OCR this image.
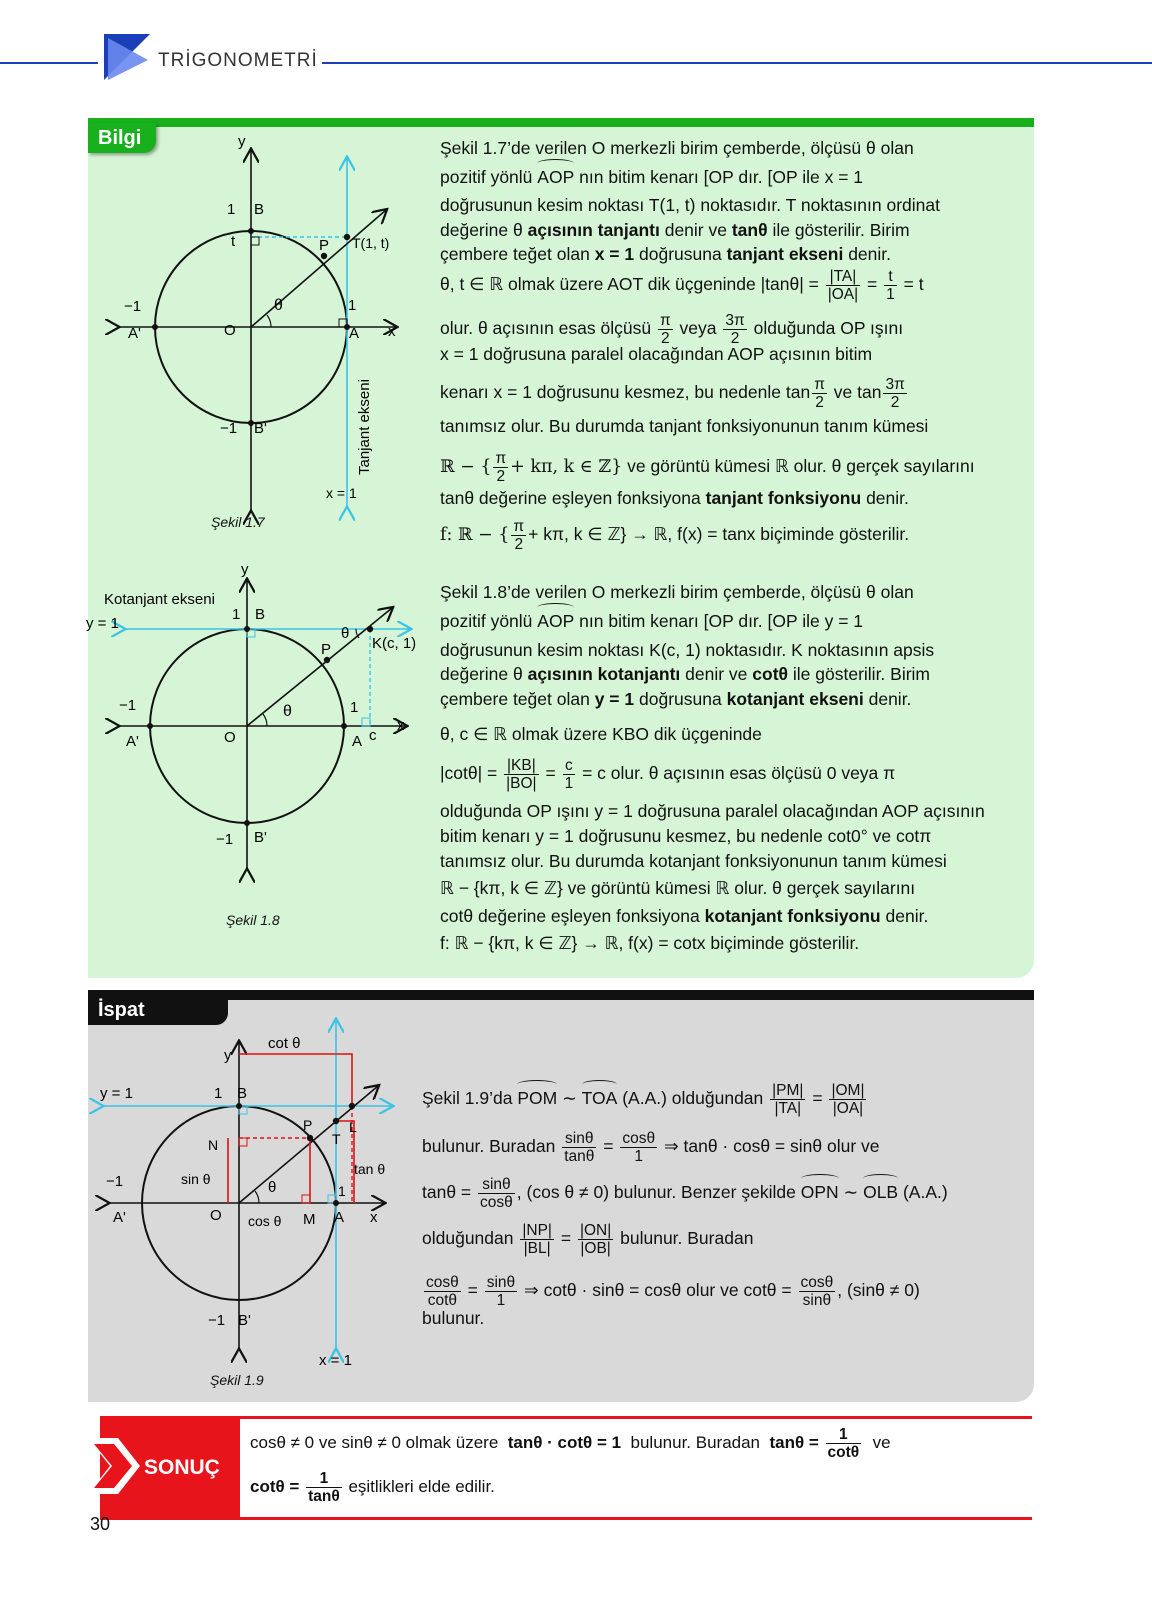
TRİGONOMETRİ
Bilgi	y
x
1 B
t	P T(1, t)
−1
A'	O	A
1
θ
−1 B'	Tanjant ekseni
x = 1
Şekil 1.7
Şekil 1.7’de verilen O merkezli birim çemberde, ölçüsü θ olan
pozitif yönlü AOP nın bitim kenarı [OP dır. [OP ile x = 1
doğrusunun kesim noktası T(1, t) noktasıdır. T noktasının ordinat
değerine θ açısının tanjantı denir ve tanθ ile gösterilir. Birim
çembere teğet olan x = 1 doğrusuna tanjant ekseni denir.
θ, t ∈ ℝ olmak üzere AOT dik üçgeninde $|\tan\theta| = \frac{|TA|}{|OA|} = \frac{t}{1} = t$
olur. θ açısının esas ölçüsü $\frac{\pi}{2}$ veya $\frac{3\pi}{2}$ olduğunda OP ışını
x = 1 doğrusuna paralel olacağından AOP açısının bitim
kenarı x = 1 doğrusunu kesmez, bu nedenle $\tan \frac{\pi}{2}$ ve $\tan \frac{3\pi}{2}$
tanımsız olur. Bu durumda tanjant fonksiyonunun tanım kümesi
ℝ − { $\frac{\pi}{2} + k\pi$, k ∈ ℤ} ve görüntü kümesi ℝ olur. θ gerçek sayılarını
tanθ değerine eşleyen fonksiyona tanjant fonksiyonu denir.
f: ℝ − { $\frac{\pi}{2} + k\pi$, k ∈ ℤ} → ℝ, f(x) = tanx biçiminde gösterilir.
y
Kotanjant ekseni
y = 1
1 B
P	K(c, 1)
θ
−1
A'	O	A c
x
1
θ
−1 B'
Şekil 1.8
Şekil 1.8’de verilen O merkezli birim çemberde, ölçüsü θ olan
pozitif yönlü AOP nın bitim kenarı [OP dır. [OP ile y = 1
doğrusunun kesim noktası K(c, 1) noktasıdır. K noktasının apsis
değerine θ açısının kotanjantı denir ve cotθ ile gösterilir. Birim
çembere teğet olan y = 1 doğrusuna kotanjant ekseni denir.
θ, c ∈ ℝ olmak üzere KBO dik üçgeninde
$|\cot\theta| = \frac{|KB|}{|BO|} = \frac{c}{1} = c$ olur. θ açısının esas ölçüsü 0 veya π
olduğunda OP ışını y = 1 doğrusuna paralel olacağından AOP açısının
bitim kenarı y = 1 doğrusunu kesmez, bu nedenle cot0° ve cotπ
tanımsız olur. Bu durumda kotanjant fonksiyonunun tanım kümesi
ℝ − {kπ, k ∈ ℤ} ve görüntü kümesi ℝ olur. θ gerçek sayılarını
cotθ değerine eşleyen fonksiyona kotanjant fonksiyonu denir.
f: ℝ − {kπ, k ∈ ℤ} → ℝ, f(x) = cotx biçiminde gösterilir.
İspat
cot θ
y
y = 1	1 B
L
P
T
N
sin θ
tan θ
−1	θ	1
A'	O cos θ M A x
−1 B'
x = 1
Şekil 1.9
Şekil 1.9’da POM ∼ TOA (A.A.) olduğundan $\frac{|PM|}{|TA|} = \frac{|OM|}{|OA|}$
bulunur. Buradan $\frac{\sin\theta}{\tan\theta} = \frac{\cos\theta}{1}$ ⇒ tanθ · cosθ = sinθ olur ve
$\tan\theta = \frac{\sin\theta}{\cos\theta}$ , (cos θ ≠ 0) bulunur. Benzer şekilde OPN ∼ OLB (A.A.)
olduğundan $\frac{|NP|}{|BL|} = \frac{|ON|}{|OB|}$ bulunur. Buradan
$\frac{\cos\theta}{\cot\theta} = \frac{\sin\theta}{1}$ ⇒ cotθ · sinθ = cosθ olur ve $\cot\theta = \frac{\cos\theta}{\sin\theta}$ , (sinθ ≠ 0)
bulunur.
SONUÇ
cosθ ≠ 0 ve sinθ ≠ 0 olmak üzere tanθ · cotθ = 1 bulunur. Buradan $\tan\theta = \frac{1}{\cot\theta}$ ve
$\cot\theta = \frac{1}{\tan\theta}$ eşitlikleri elde edilir.
30
